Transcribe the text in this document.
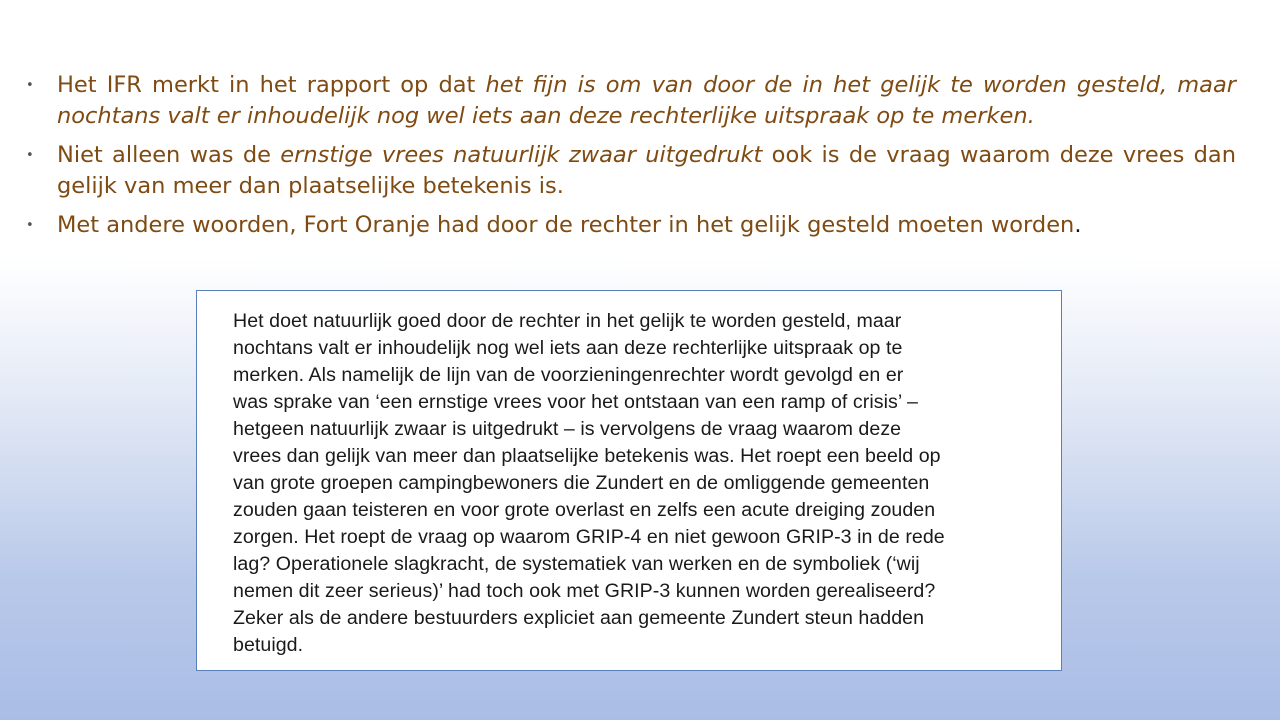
• Het IFR merkt in het rapport op dat het fijn is om van door de in het gelijk te worden gesteld, maar nochtans valt er inhoudelijk nog wel iets aan deze rechterlijke uitspraak op te merken.
• Niet alleen was de ernstige vrees natuurlijk zwaar uitgedrukt ook is de vraag waarom deze vrees dan gelijk van meer dan plaatselijke betekenis is.
• Met andere woorden, Fort Oranje had door de rechter in het gelijk gesteld moeten worden.
Het doet natuurlijk goed door de rechter in het gelijk te worden gesteld, maar
nochtans valt er inhoudelijk nog wel iets aan deze rechterlijke uitspraak op te
merken. Als namelijk de lijn van de voorzieningenrechter wordt gevolgd en er
was sprake van ‘een ernstige vrees voor het ontstaan van een ramp of crisis’ –
hetgeen natuurlijk zwaar is uitgedrukt – is vervolgens de vraag waarom deze
vrees dan gelijk van meer dan plaatselijke betekenis was. Het roept een beeld op
van grote groepen campingbewoners die Zundert en de omliggende gemeenten
zouden gaan teisteren en voor grote overlast en zelfs een acute dreiging zouden
zorgen. Het roept de vraag op waarom GRIP-4 en niet gewoon GRIP-3 in de rede
lag? Operationele slagkracht, de systematiek van werken en de symboliek (‘wij
nemen dit zeer serieus)’ had toch ook met GRIP-3 kunnen worden gerealiseerd?
Zeker als de andere bestuurders expliciet aan gemeente Zundert steun hadden
betuigd.
